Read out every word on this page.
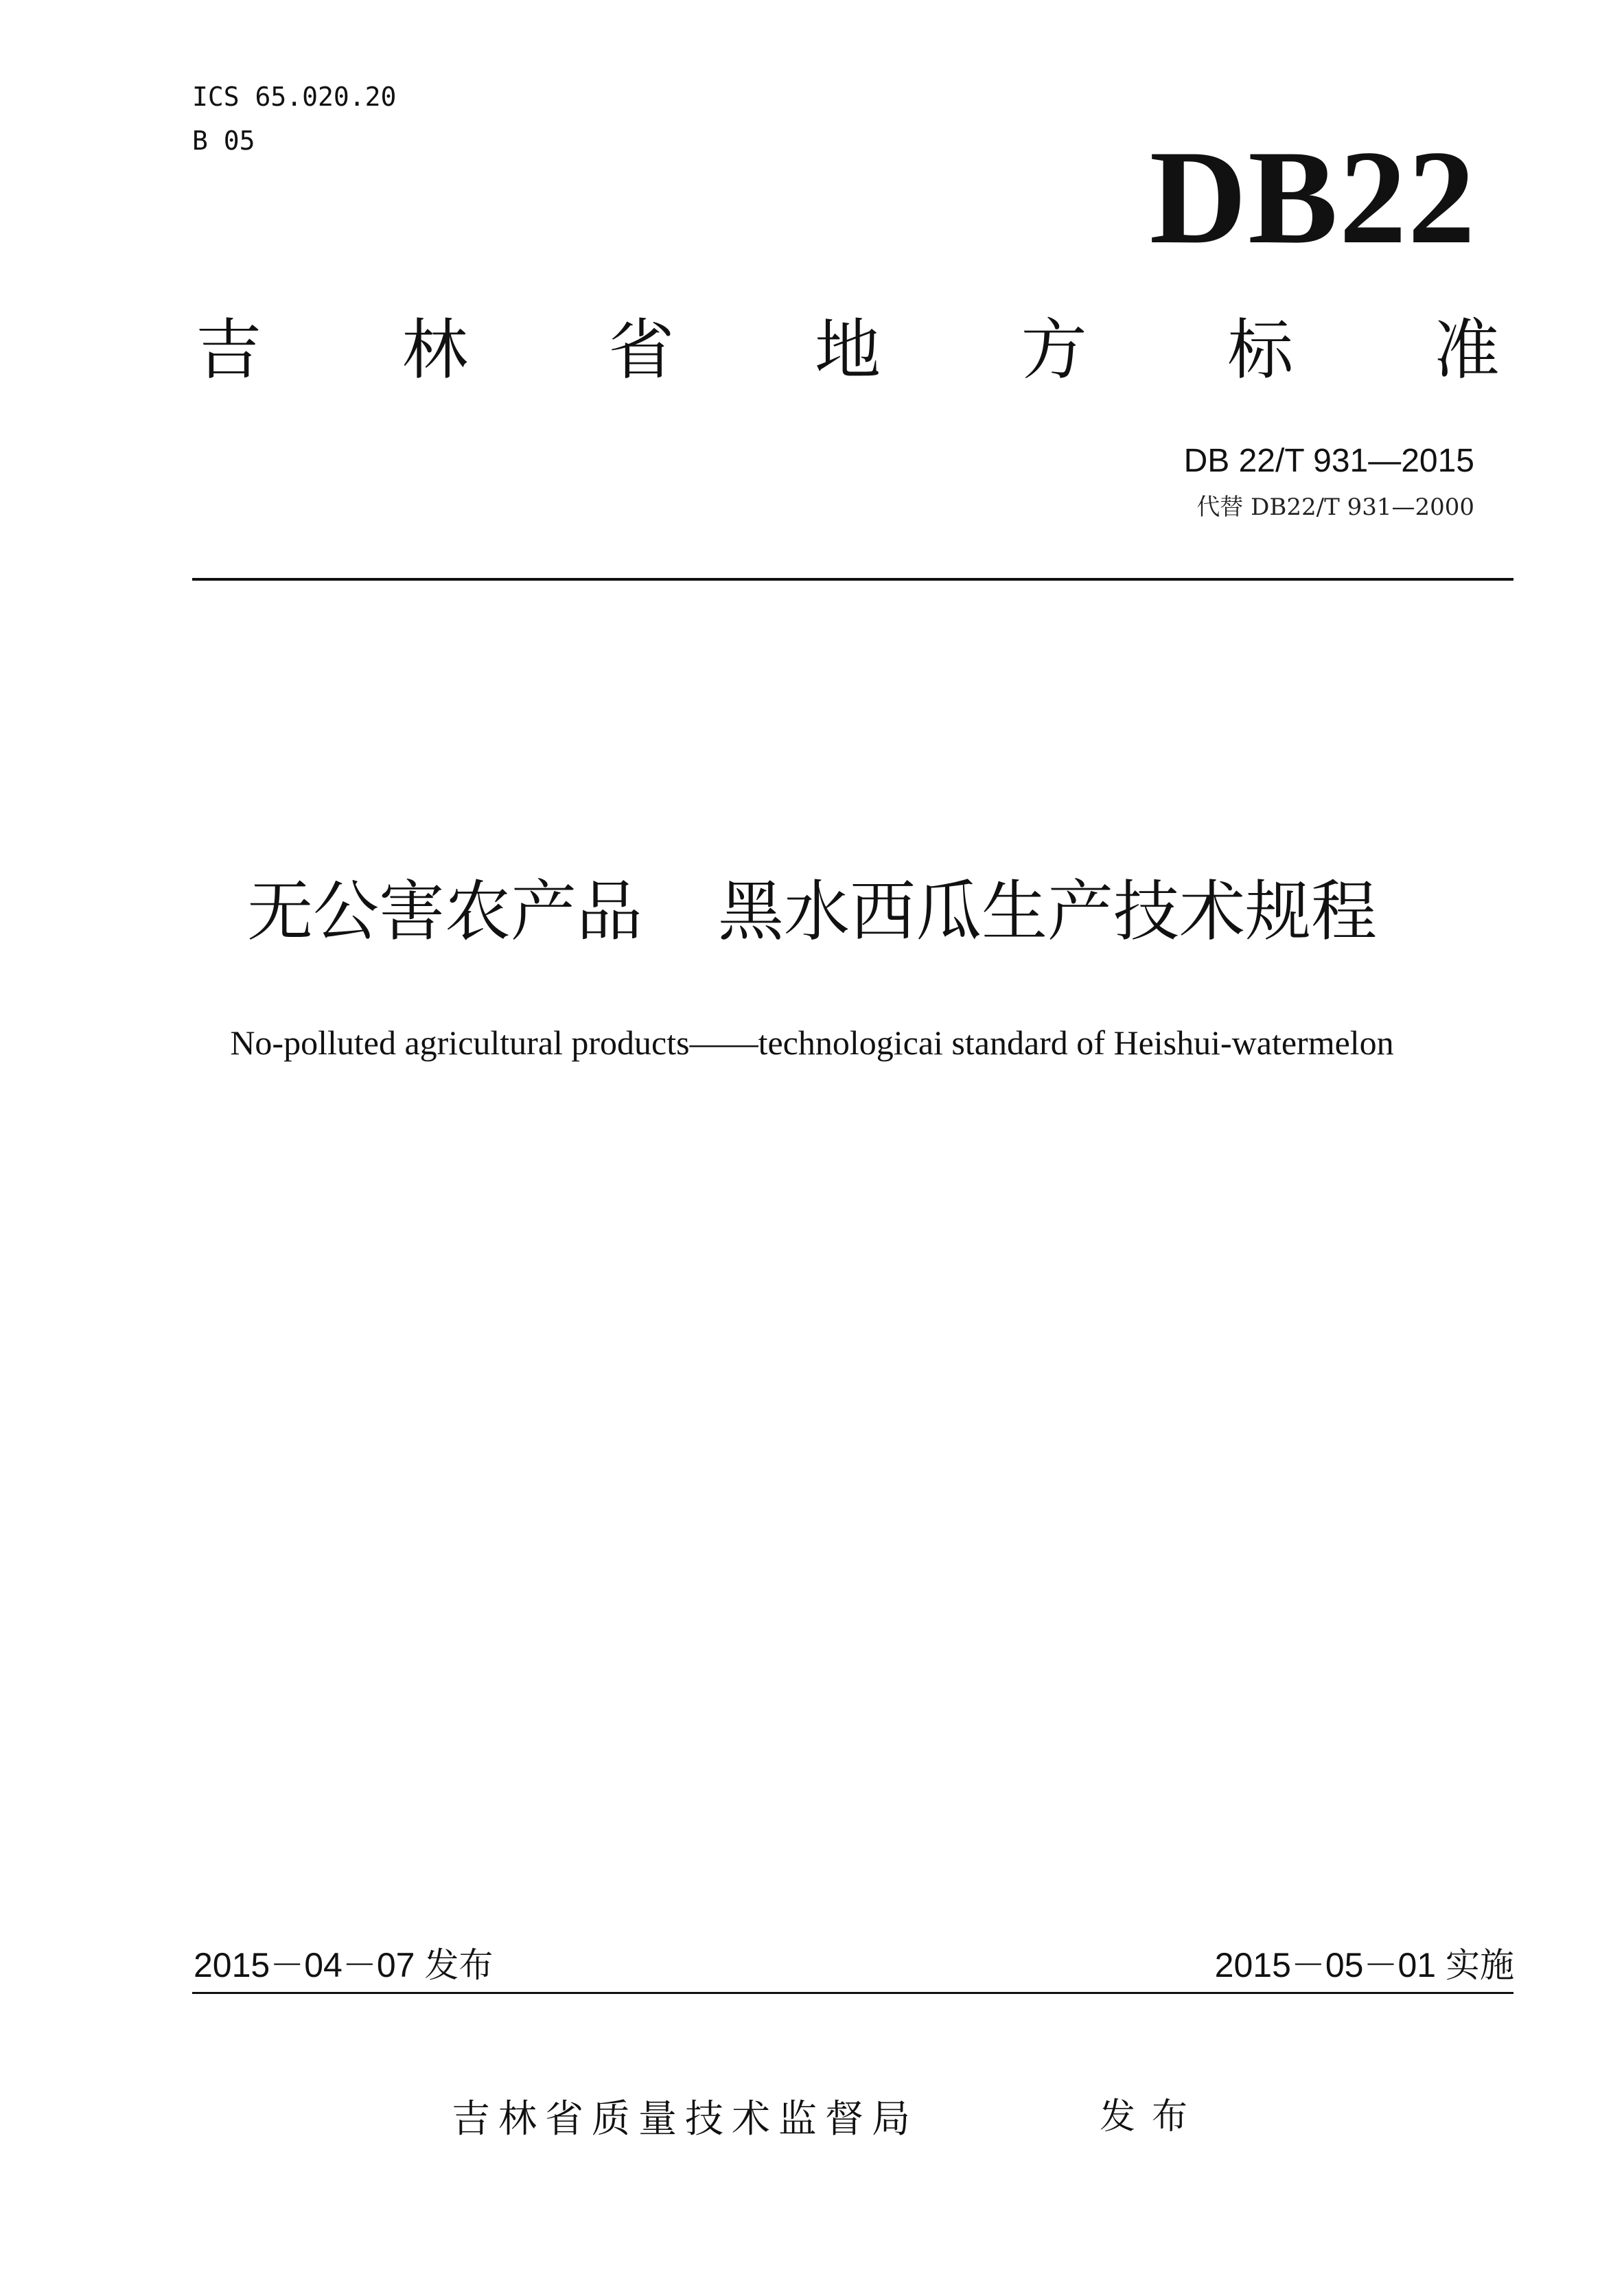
ICS 65.020.20
B 05	DB22
吉 林 省 地 方 标 准
DB 22/T 931—2015
代替 DB22/T 931—2000
无公害农产品 黑水西瓜生产技术规程
No-polluted agricultural products——technologicai standard of Heishui-watermelon
2015－04－07 发布	2015－05－01 实施
吉林省质量技术监督局	发布
